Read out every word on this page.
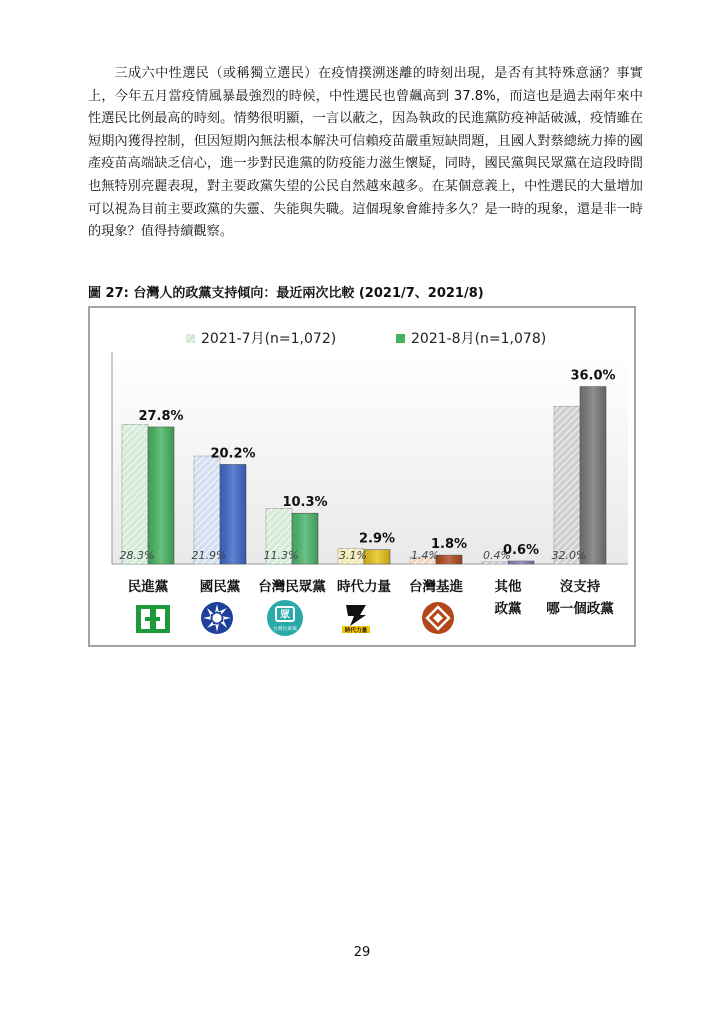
三成六中性選民（或稱獨立選民）在疫情撲溯迷離的時刻出現，是否有其特殊意涵？事實上，今年五月當疫情風暴最強烈的時候，中性選民也曾飆高到 37.8%，而這也是過去兩年來中性選民比例最高的時刻。情勢很明顯，一言以蔽之，因為執政的民進黨防疫神話破滅，疫情雖在短期內獲得控制，但因短期內無法根本解決可信賴疫苗嚴重短缺問題，且國人對蔡總統力捧的國產疫苗高端缺乏信心，進一步對民進黨的防疫能力滋生懷疑，同時，國民黨與民眾黨在這段時間也無特別亮麗表現，對主要政黨失望的公民自然越來越多。在某個意義上，中性選民的大量增加可以視為目前主要政黨的失靈、失能與失職。這個現象會維持多久？是一時的現象，還是非一時的現象？值得持續觀察。

圖 27: 台灣人的政黨支持傾向：最近兩次比較 (2021/7、2021/8)

2021-7月(n=1,072)	2021-8月(n=1,078)
28.3%
27.8%
21.9%
20.2%
11.3%
10.3%
3.1%
2.9%
1.4%
1.8%
0.4%
0.6% 32.0%
36.0%
民進黨 國民黨 台灣民眾黨 時代力量 台灣基進 其他
政黨
沒支持
哪一個政黨
眾
台灣民眾黨	時代力量

29
